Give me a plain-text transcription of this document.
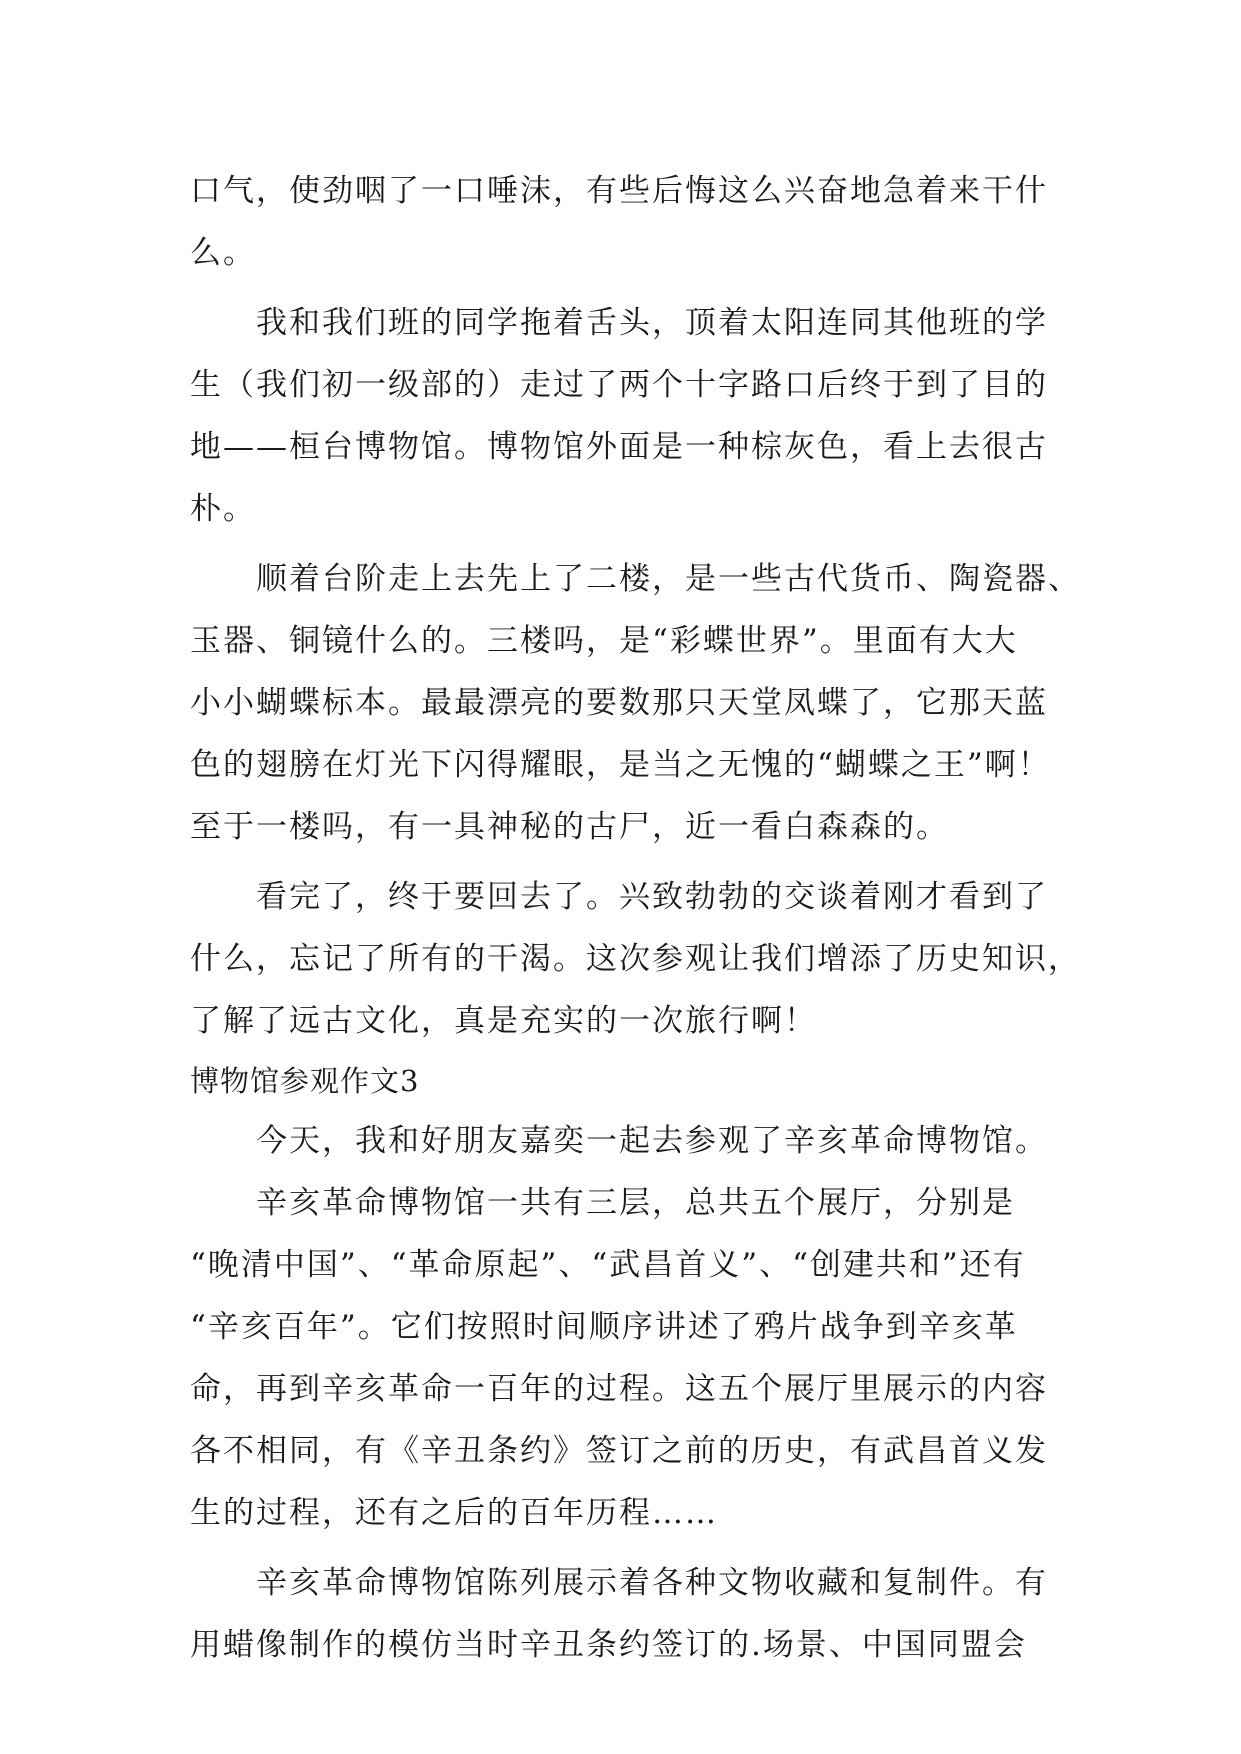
口气，使劲咽了一口唾沫，有些后悔这么兴奋地急着来干什
么。
我和我们班的同学拖着舌头，顶着太阳连同其他班的学
生（我们初一级部的）走过了两个十字路口后终于到了目的
地——桓台博物馆。博物馆外面是一种棕灰色，看上去很古
朴。
顺着台阶走上去先上了二楼，是一些古代货币、陶瓷器、
玉器、铜镜什么的。三楼吗，是“彩蝶世界”。里面有大大
小小蝴蝶标本。最最漂亮的要数那只天堂凤蝶了，它那天蓝
色的翅膀在灯光下闪得耀眼，是当之无愧的“蝴蝶之王”啊！
至于一楼吗，有一具神秘的古尸，近一看白森森的。
看完了，终于要回去了。兴致勃勃的交谈着刚才看到了
什么，忘记了所有的干渴。这次参观让我们增添了历史知识，
了解了远古文化，真是充实的一次旅行啊！
博物馆参观作文3
今天，我和好朋友嘉奕一起去参观了辛亥革命博物馆。
辛亥革命博物馆一共有三层，总共五个展厅，分别是
“晚清中国”、“革命原起”、“武昌首义”、“创建共和”还有
“辛亥百年”。它们按照时间顺序讲述了鸦片战争到辛亥革
命，再到辛亥革命一百年的过程。这五个展厅里展示的内容
各不相同，有《辛丑条约》签订之前的历史，有武昌首义发
生的过程，还有之后的百年历程……
辛亥革命博物馆陈列展示着各种文物收藏和复制件。有
用蜡像制作的模仿当时辛丑条约签订的.场景、中国同盟会
